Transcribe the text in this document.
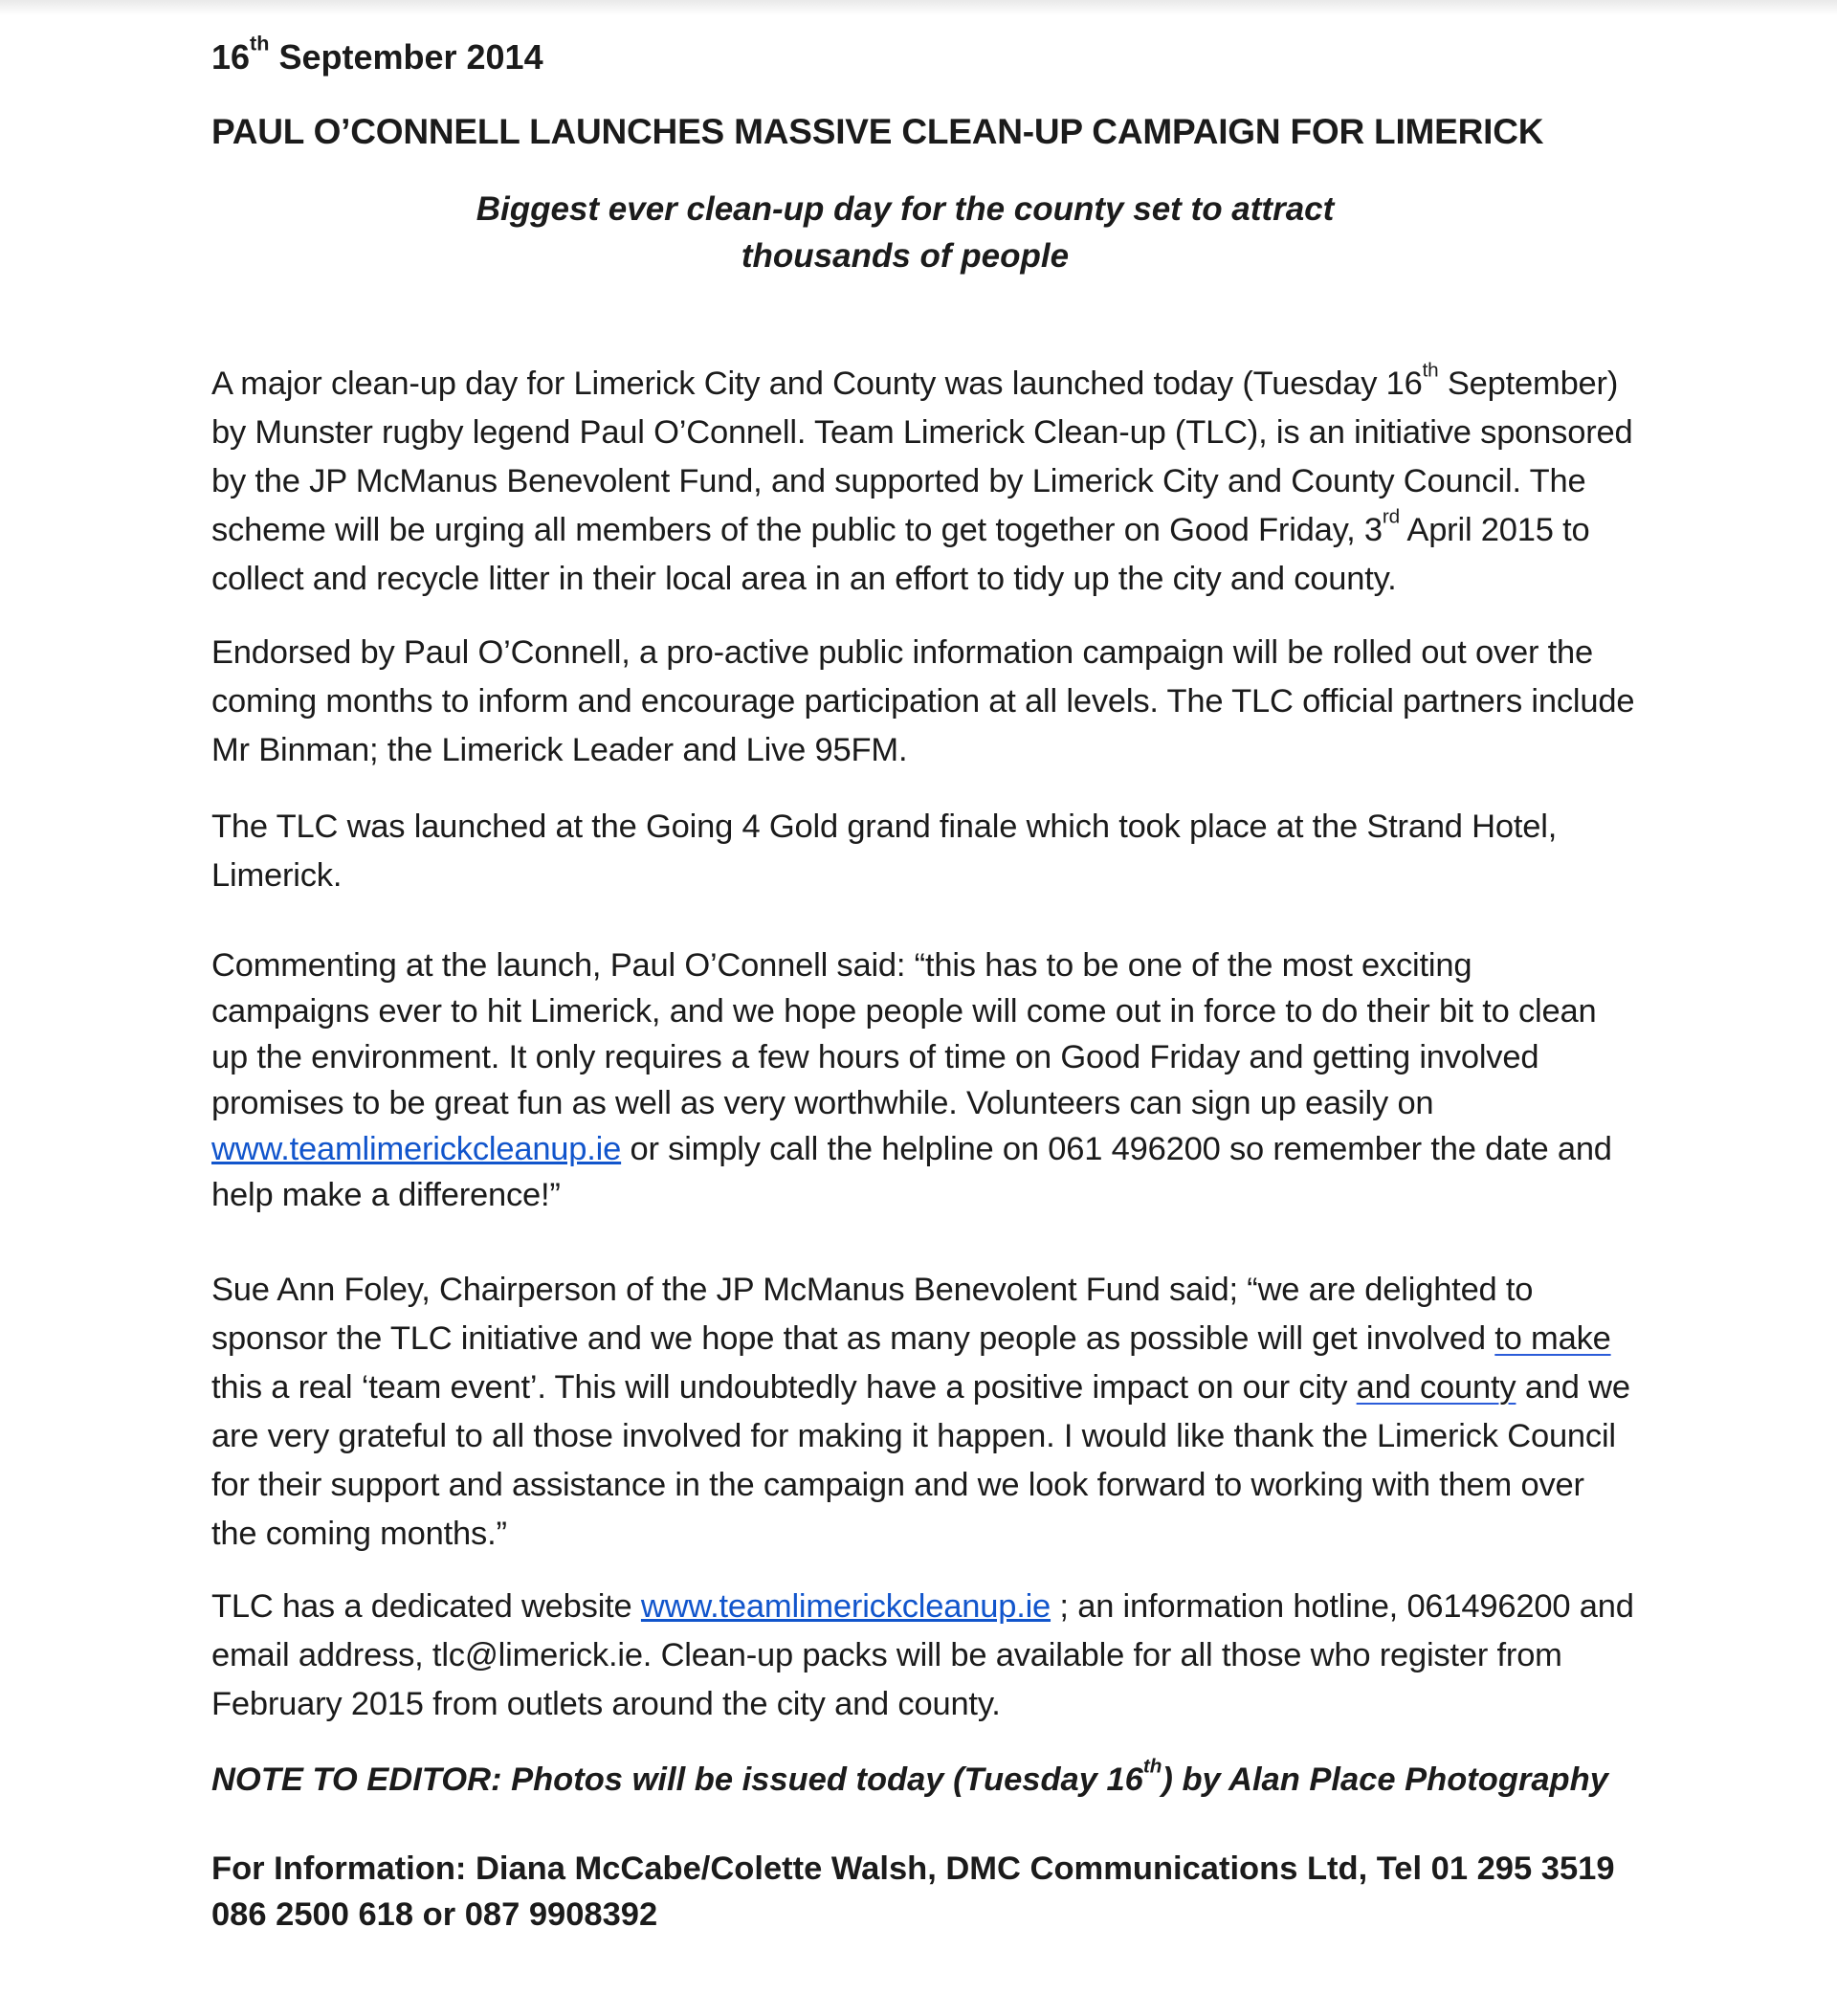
16th September 2014

PAUL O’CONNELL LAUNCHES MASSIVE CLEAN-UP CAMPAIGN FOR LIMERICK

Biggest ever clean-up day for the county set to attract
thousands of people

A major clean-up day for Limerick City and County was launched today (Tuesday 16th September) by Munster rugby legend Paul O’Connell. Team Limerick Clean-up (TLC), is an initiative sponsored by the JP McManus Benevolent Fund, and supported by Limerick City and County Council. The scheme will be urging all members of the public to get together on Good Friday, 3rd April 2015 to collect and recycle litter in their local area in an effort to tidy up the city and county.

Endorsed by Paul O’Connell, a pro-active public information campaign will be rolled out over the coming months to inform and encourage participation at all levels. The TLC official partners include Mr Binman; the Limerick Leader and Live 95FM.

The TLC was launched at the Going 4 Gold grand finale which took place at the Strand Hotel, Limerick.

Commenting at the launch, Paul O’Connell said: “this has to be one of the most exciting campaigns ever to hit Limerick, and we hope people will come out in force to do their bit to clean up the environment. It only requires a few hours of time on Good Friday and getting involved promises to be great fun as well as very worthwhile. Volunteers can sign up easily on www.teamlimerickcleanup.ie or simply call the helpline on 061 496200 so remember the date and help make a difference!”

Sue Ann Foley, Chairperson of the JP McManus Benevolent Fund said; “we are delighted to sponsor the TLC initiative and we hope that as many people as possible will get involved to make this a real ‘team event’. This will undoubtedly have a positive impact on our city and county and we are very grateful to all those involved for making it happen. I would like thank the Limerick Council for their support and assistance in the campaign and we look forward to working with them over the coming months.”

TLC has a dedicated website www.teamlimerickcleanup.ie ; an information hotline, 061496200 and email address, tlc@limerick.ie. Clean-up packs will be available for all those who register from February 2015 from outlets around the city and county.

NOTE TO EDITOR: Photos will be issued today (Tuesday 16th) by Alan Place Photography

For Information: Diana McCabe/Colette Walsh, DMC Communications Ltd, Tel 01 295 3519
086 2500 618 or 087 9908392
